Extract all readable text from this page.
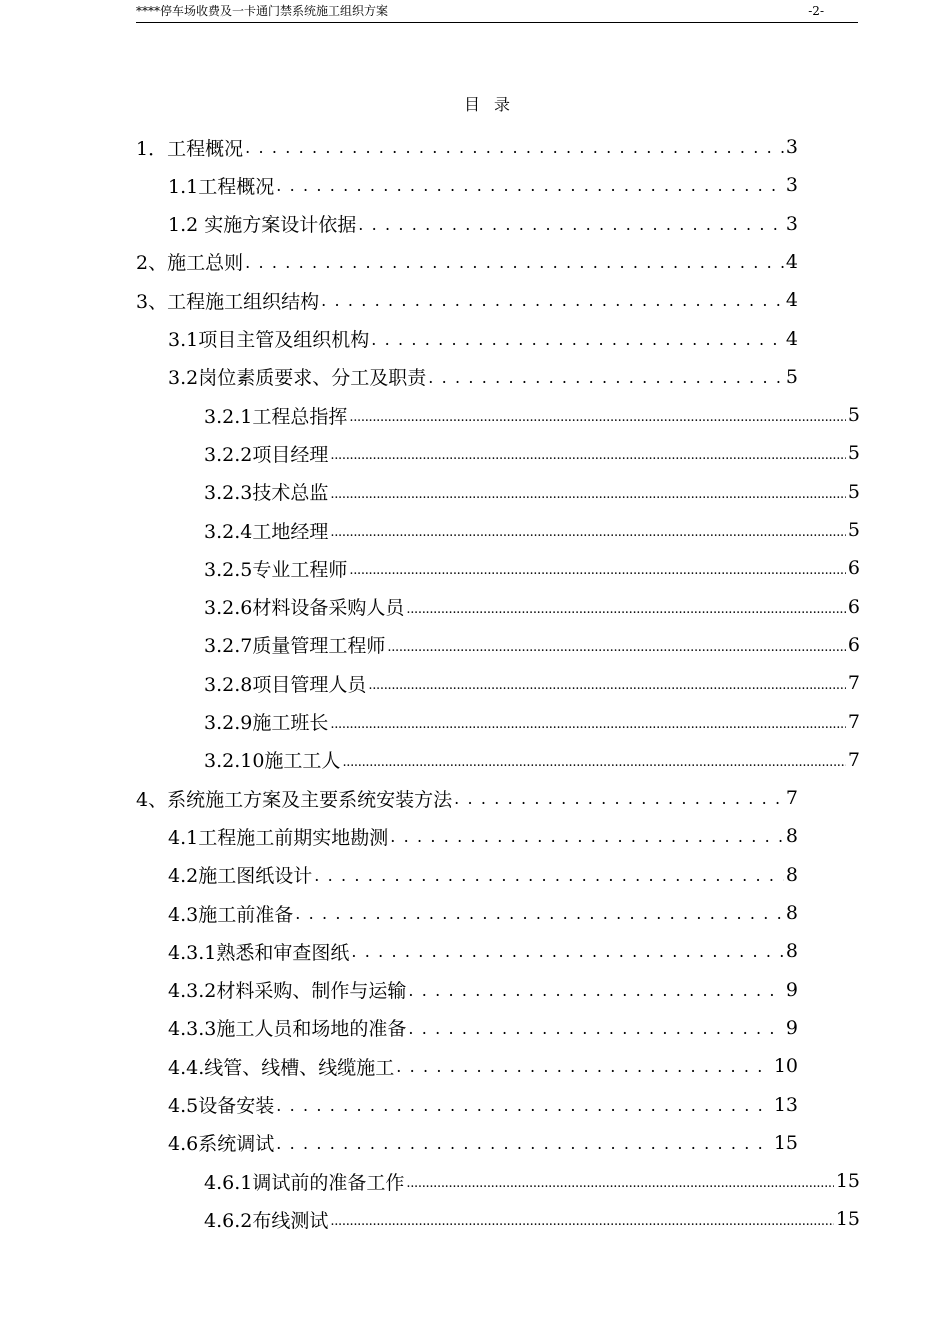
****停车场收费及一卡通门禁系统施工组织方案	-2-
目录
1．工程概况 . . .	3
1.1工程概况 . . .	3
1.2 实施方案设计依据 . . .	3
2、施工总则 . . .	4
3、工程施工组织结构 . . .	4
3.1项目主管及组织机构 . . .	4
3.2岗位素质要求、分工及职责 . . .	5
3.2.1工程总指挥 .....	5
3.2.2项目经理 .....	5
3.2.3技术总监 .....	5
3.2.4工地经理 .....	5
3.2.5专业工程师 .....	6
3.2.6材料设备采购人员 .....	6
3.2.7质量管理工程师 .....	6
3.2.8项目管理人员 .....	7
3.2.9施工班长 .....	7
3.2.10施工工人 .....	7
4、系统施工方案及主要系统安装方法 . . .	7
4.1工程施工前期实地勘测 . . .	8
4.2施工图纸设计 . . .	8
4.3施工前准备 . . .	8
4.3.1熟悉和审查图纸 . . .	8
4.3.2材料采购、制作与运输 . . .	9
4.3.3施工人员和场地的准备 . . .	9
4.4.线管、线槽、线缆施工 . . .	10
4.5设备安装 . . .	13
4.6系统调试 . . .	15
4.6.1调试前的准备工作 .....	15
4.6.2布线测试 .....	15
